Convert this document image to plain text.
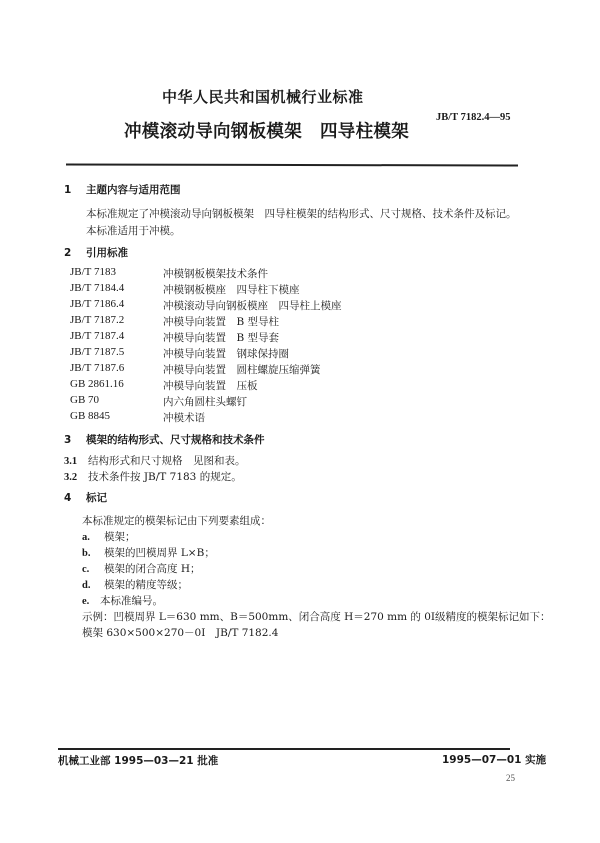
中华人民共和国机械行业标准
JB/T 7182.4—95
冲模滚动导向钢板模架 四导柱模架
1 主题内容与适用范围
本标准规定了冲模滚动导向钢板模架　四导柱模架的结构形式、尺寸规格、技术条件及标记。
本标准适用于冲模。
2 引用标准
JB/T 7183	冲模钢板模架技术条件
JB/T 7184.4	冲模钢板模座　四导柱下模座
JB/T 7186.4	冲模滚动导向钢板模座　四导柱上模座
JB/T 7187.2	冲模导向装置　B 型导柱
JB/T 7187.4	冲模导向装置　B 型导套
JB/T 7187.5	冲模导向装置　钢球保持圈
JB/T 7187.6	冲模导向装置　圆柱螺旋压缩弹簧
GB 2861.16	冲模导向装置　压板
GB 70	内六角圆柱头螺钉
GB 8845	冲模术语
3 模架的结构形式、尺寸规格和技术条件
3.1 结构形式和尺寸规格　见图和表。
3.2 技术条件按 JB/T 7183 的规定。
4 标记
本标准规定的模架标记由下列要素组成：
a. 模架；
b. 模架的凹模周界 L×B；
c. 模架的闭合高度 H；
d. 模架的精度等级；
e. 本标准编号。
示例：凹模周界 L＝630 mm、B＝500mm、闭合高度 H＝270 mm 的 0Ⅰ级精度的模架标记如下：
模架 630×500×270－0Ⅰ　JB/T 7182.4
机械工业部 1995—03—21 批准	1995—07—01 实施
25
